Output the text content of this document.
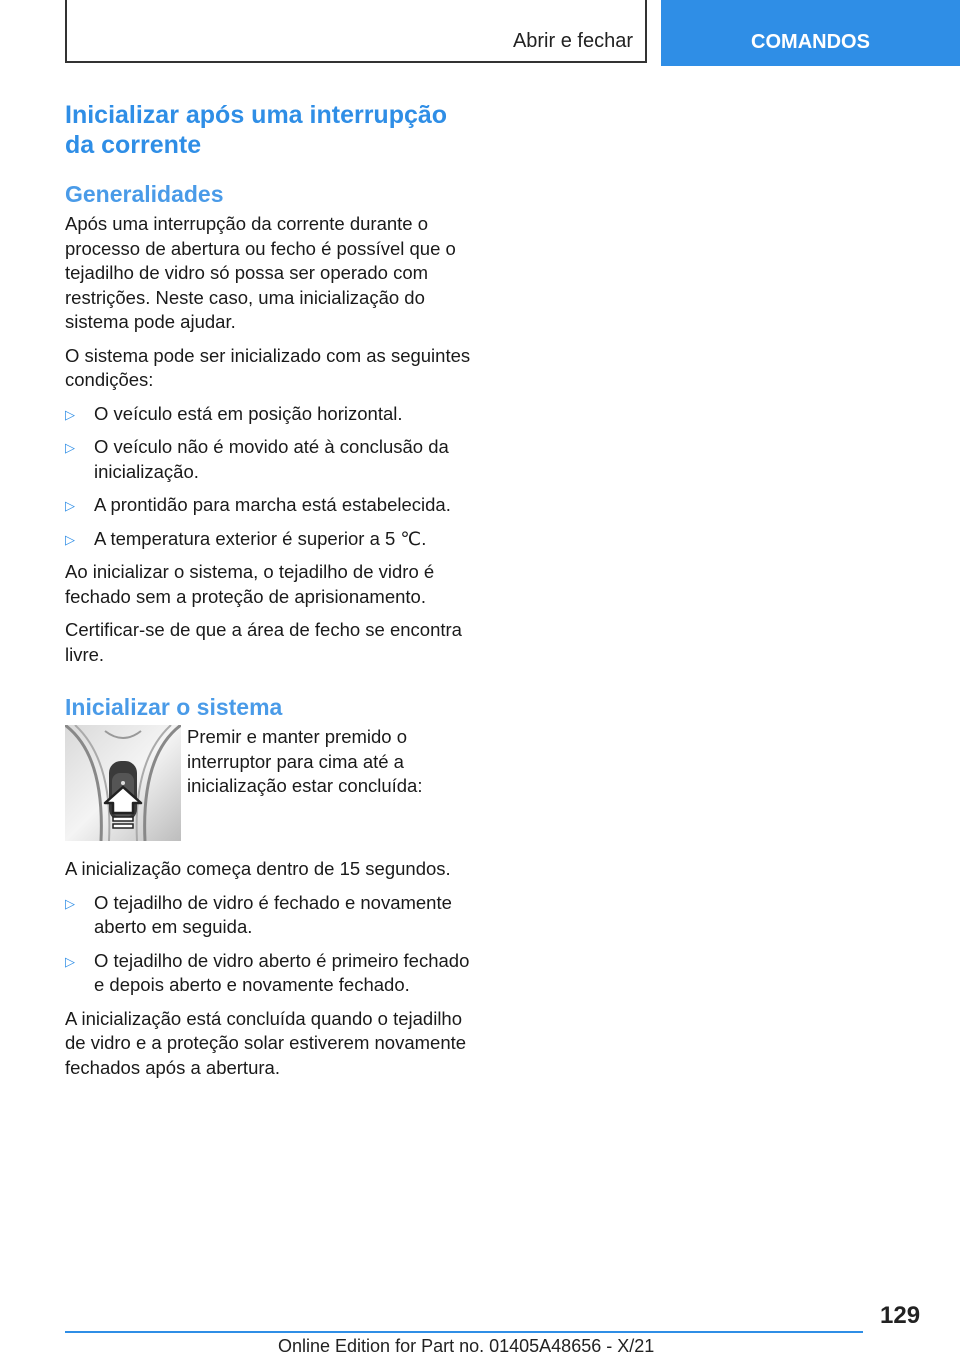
Abrir e fechar	COMANDOS
Inicializar após uma interrupção da corrente
Generalidades

Após uma interrupção da corrente durante o processo de abertura ou fecho é possível que o tejadilho de vidro só possa ser operado com restrições. Neste caso, uma inicialização do sistema pode ajudar.

O sistema pode ser inicializado com as seguintes condições:

▷ O veículo está em posição horizontal.
▷ O veículo não é movido até à conclusão da inicialização.
▷ A prontidão para marcha está estabelecida.
▷ A temperatura exterior é superior a 5 ℃.

Ao inicializar o sistema, o tejadilho de vidro é fechado sem a proteção de aprisionamento.

Certificar-se de que a área de fecho se encontra livre.

Inicializar o sistema

Premir e manter premido o interruptor para cima até a inicialização estar concluída:

A inicialização começa dentro de 15 segundos.

▷ O tejadilho de vidro é fechado e novamente aberto em seguida.
▷ O tejadilho de vidro aberto é primeiro fechado e depois aberto e novamente fechado.

A inicialização está concluída quando o tejadilho de vidro e a proteção solar estiverem novamente fechados após a abertura.

129
Online Edition for Part no. 01405A48656 - X/21
